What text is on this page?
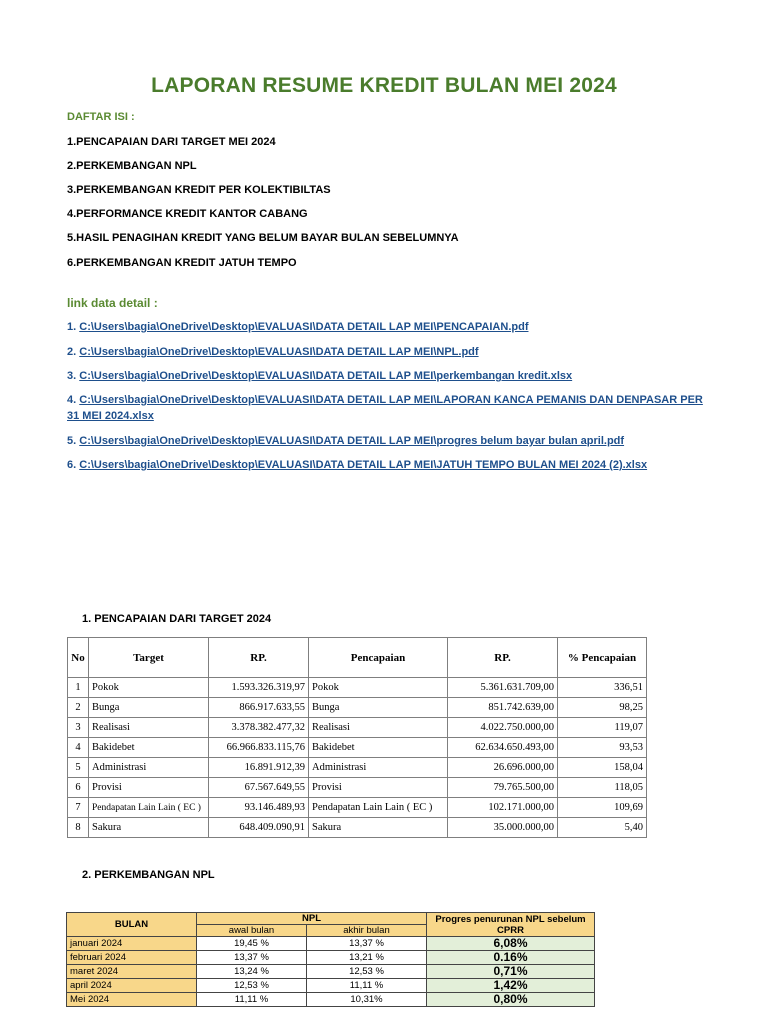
LAPORAN RESUME KREDIT BULAN MEI 2024
DAFTAR ISI :
1.PENCAPAIAN DARI TARGET MEI 2024
2.PERKEMBANGAN NPL
3.PERKEMBANGAN KREDIT PER KOLEKTIBILTAS
4.PERFORMANCE KREDIT KANTOR CABANG
5.HASIL PENAGIHAN KREDIT YANG BELUM BAYAR BULAN SEBELUMNYA
6.PERKEMBANGAN KREDIT JATUH TEMPO
link data detail :
1. C:\Users\bagia\OneDrive\Desktop\EVALUASI\DATA DETAIL LAP MEI\PENCAPAIAN.pdf
2. C:\Users\bagia\OneDrive\Desktop\EVALUASI\DATA DETAIL LAP MEI\NPL.pdf
3. C:\Users\bagia\OneDrive\Desktop\EVALUASI\DATA DETAIL LAP MEI\perkembangan kredit.xlsx
4. C:\Users\bagia\OneDrive\Desktop\EVALUASI\DATA DETAIL LAP MEI\LAPORAN KANCA PEMANIS DAN DENPASAR PER 31 MEI 2024.xlsx
5. C:\Users\bagia\OneDrive\Desktop\EVALUASI\DATA DETAIL LAP MEI\progres belum bayar bulan april.pdf
6. C:\Users\bagia\OneDrive\Desktop\EVALUASI\DATA DETAIL LAP MEI\JATUH TEMPO BULAN MEI 2024 (2).xlsx
1. PENCAPAIAN DARI TARGET 2024
No	Target	RP.	Pencapaian	RP.	% Pencapaian
1	Pokok	1.593.326.319,97	Pokok	5.361.631.709,00	336,51
2	Bunga	866.917.633,55	Bunga	851.742.639,00	98,25
3	Realisasi	3.378.382.477,32	Realisasi	4.022.750.000,00	119,07
4	Bakidebet	66.966.833.115,76	Bakidebet	62.634.650.493,00	93,53
5	Administrasi	16.891.912,39	Administrasi	26.696.000,00	158,04
6	Provisi	67.567.649,55	Provisi	79.765.500,00	118,05
7	Pendapatan Lain Lain ( EC )	93.146.489,93	Pendapatan Lain Lain ( EC )	102.171.000,00	109,69
8	Sakura	648.409.090,91	Sakura	35.000.000,00	5,40
2. PERKEMBANGAN NPL
BULAN	NPL		Progres penurunan NPL sebelum CPRR
	awal bulan	akhir bulan	
januari 2024	19,45 %	13,37 %	6,08%
februari 2024	13,37 %	13,21 %	0.16%
maret 2024	13,24 %	12,53 %	0,71%
april 2024	12,53 %	11,11 %	1,42%
Mei 2024	11,11 %	10,31%	0,80%
